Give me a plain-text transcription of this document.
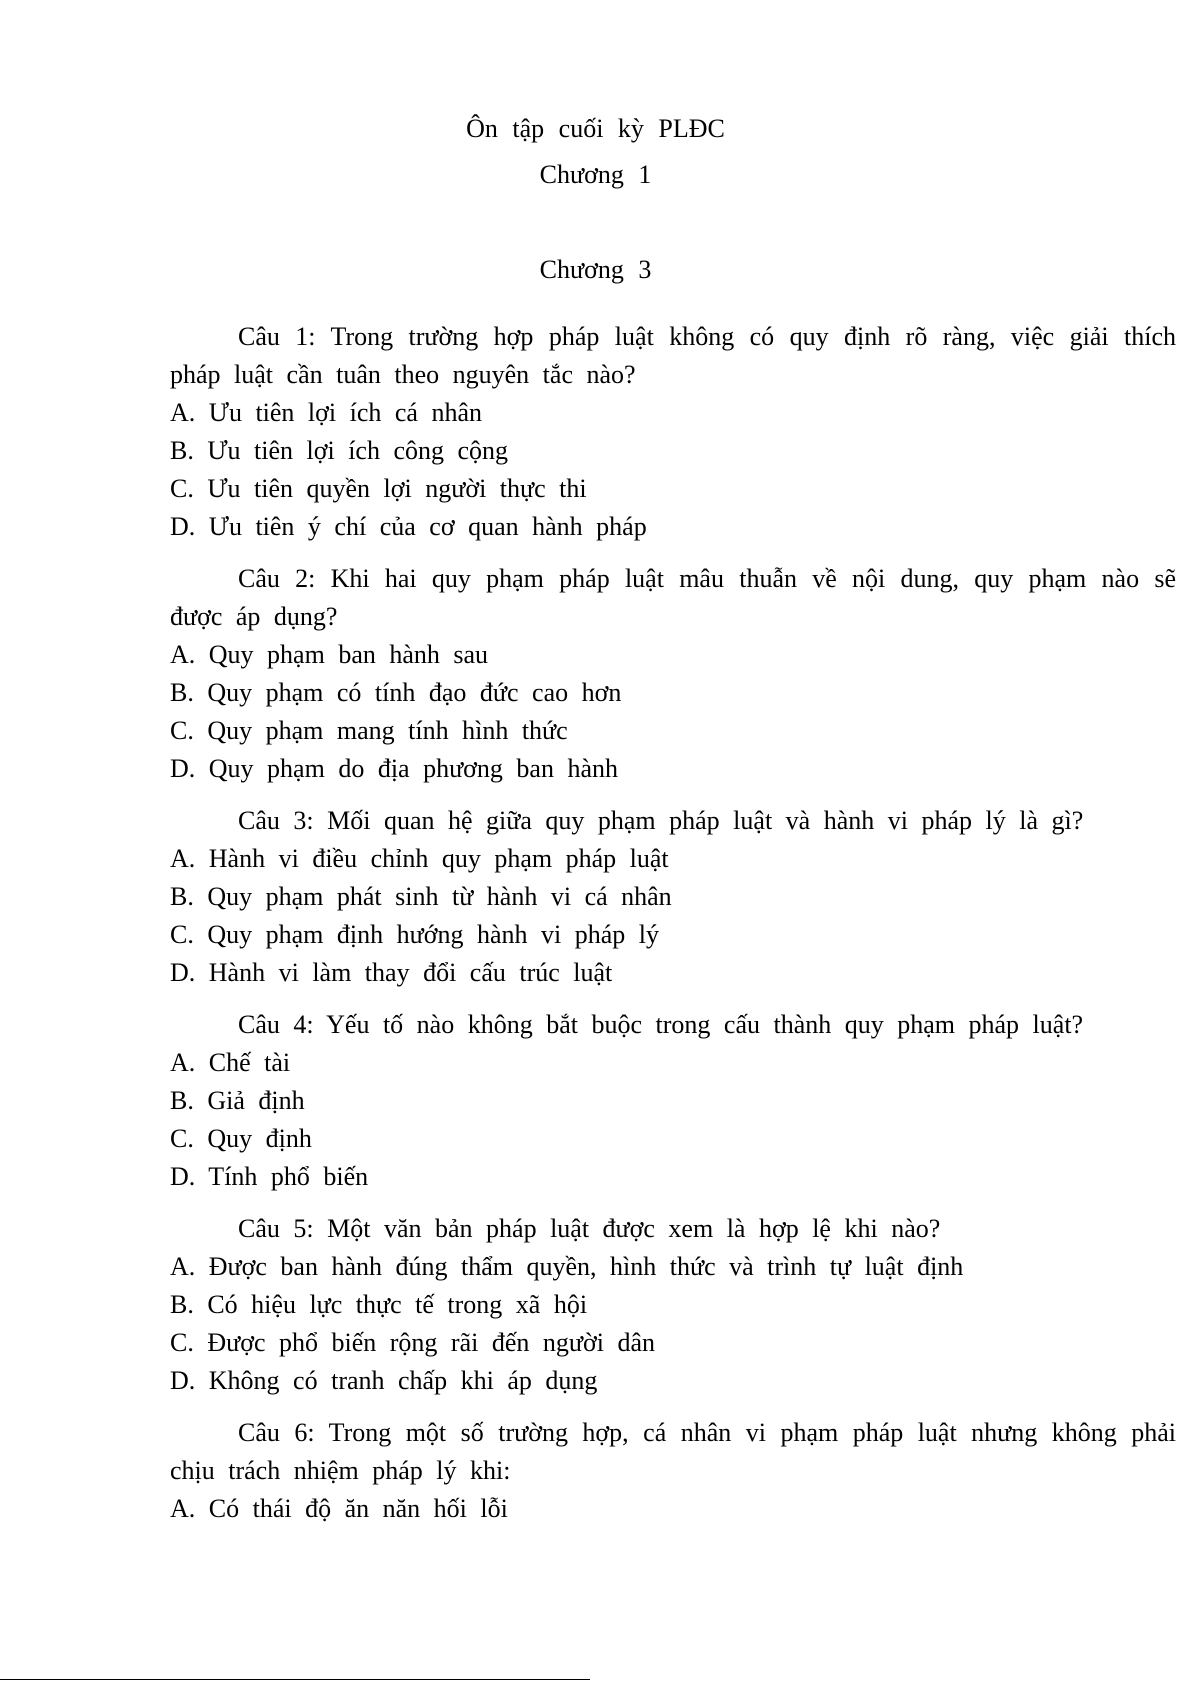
Ôn tập cuối kỳ PLĐC
Chương 1
Chương 3

Câu 1: Trong trường hợp pháp luật không có quy định rõ ràng, việc giải thích pháp luật cần tuân theo nguyên tắc nào?

A. Ưu tiên lợi ích cá nhân

B. Ưu tiên lợi ích công cộng

C. Ưu tiên quyền lợi người thực thi

D. Ưu tiên ý chí của cơ quan hành pháp

Câu 2: Khi hai quy phạm pháp luật mâu thuẫn về nội dung, quy phạm nào sẽ được áp dụng?

A. Quy phạm ban hành sau

B. Quy phạm có tính đạo đức cao hơn

C. Quy phạm mang tính hình thức

D. Quy phạm do địa phương ban hành

Câu 3: Mối quan hệ giữa quy phạm pháp luật và hành vi pháp lý là gì?

A. Hành vi điều chỉnh quy phạm pháp luật

B. Quy phạm phát sinh từ hành vi cá nhân

C. Quy phạm định hướng hành vi pháp lý

D. Hành vi làm thay đổi cấu trúc luật

Câu 4: Yếu tố nào không bắt buộc trong cấu thành quy phạm pháp luật?

A. Chế tài

B. Giả định

C. Quy định

D. Tính phổ biến

Câu 5: Một văn bản pháp luật được xem là hợp lệ khi nào?

A. Được ban hành đúng thẩm quyền, hình thức và trình tự luật định

B. Có hiệu lực thực tế trong xã hội

C. Được phổ biến rộng rãi đến người dân

D. Không có tranh chấp khi áp dụng

Câu 6: Trong một số trường hợp, cá nhân vi phạm pháp luật nhưng không phải chịu trách nhiệm pháp lý khi:

A. Có thái độ ăn năn hối lỗi
